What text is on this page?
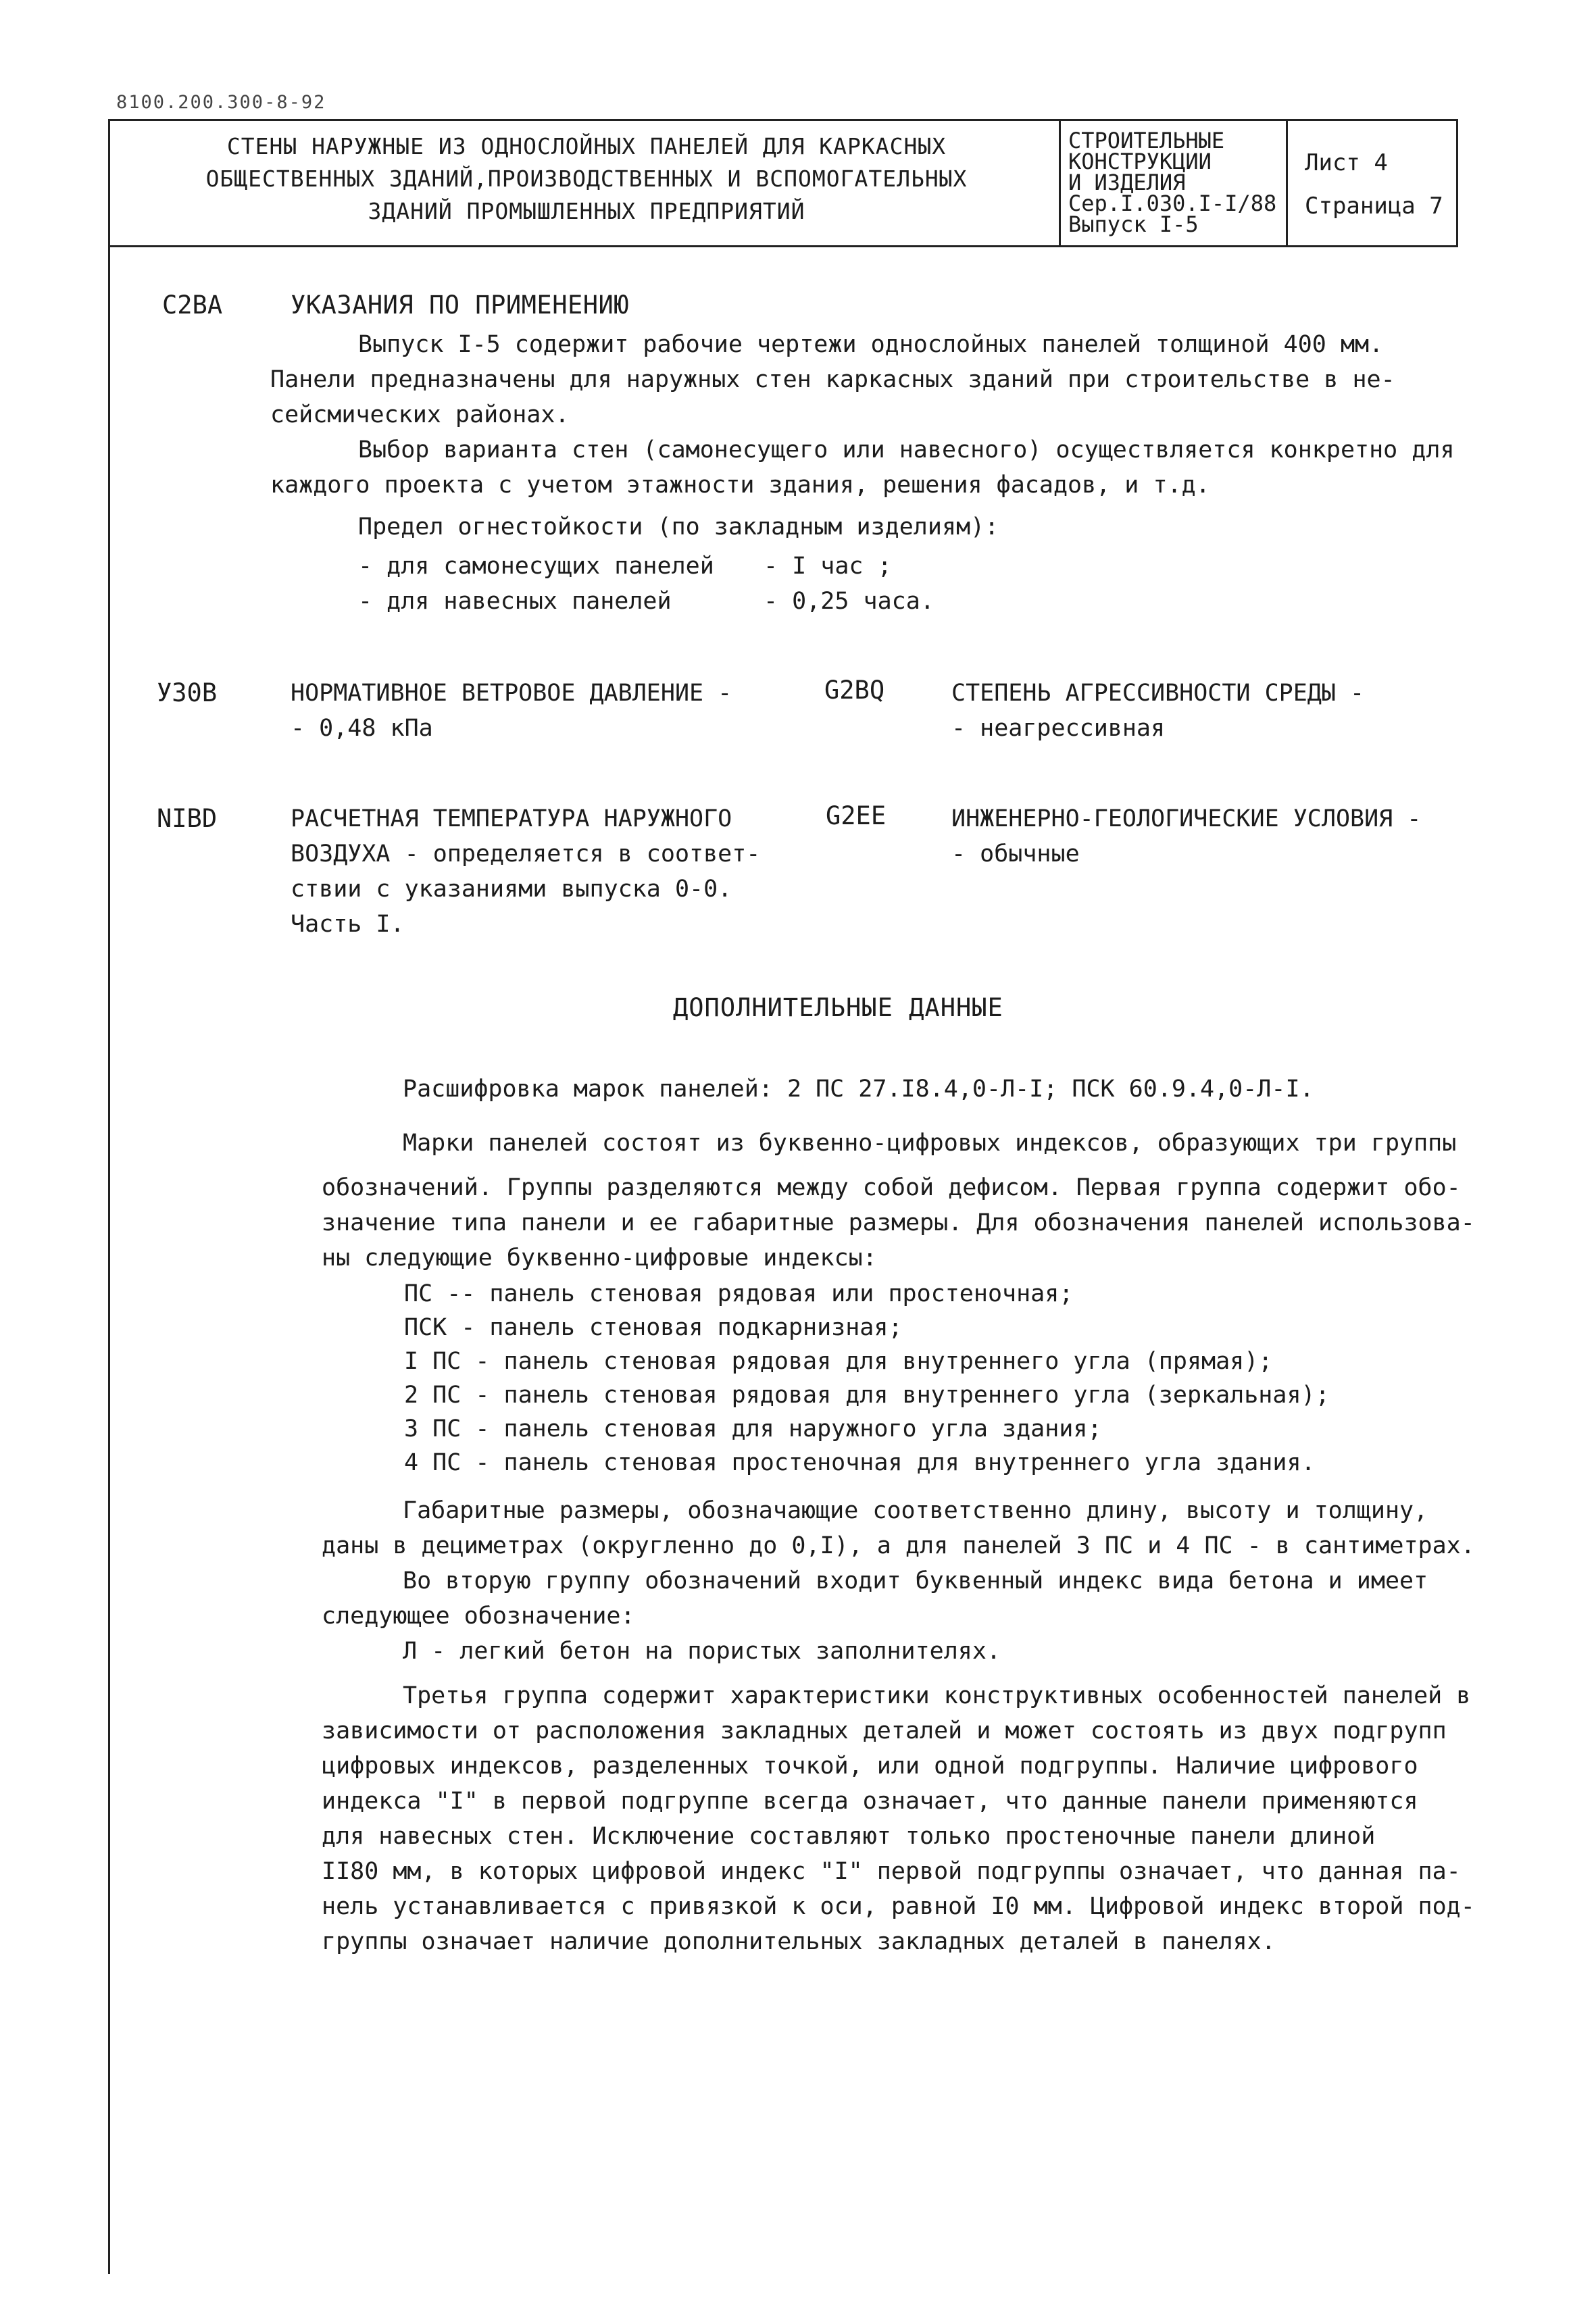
8100.200.300-8-92
СТЕНЫ НАРУЖНЫЕ ИЗ ОДНОСЛОЙНЫХ ПАНЕЛЕЙ ДЛЯ КАРКАСНЫХ
ОБЩЕСТВЕННЫХ ЗДАНИЙ,ПРОИЗВОДСТВЕННЫХ И ВСПОМОГАТЕЛЬНЫХ
ЗДАНИЙ ПРОМЫШЛЕННЫХ ПРЕДПРИЯТИЙ
СТРОИТЕЛЬНЫЕ
КОНСТРУКЦИИ
И ИЗДЕЛИЯ
Сер.I.030.I-I/88
Выпуск I-5
Лист 4
Страница 7
С2ВА	УКАЗАНИЯ ПО ПРИМЕНЕНИЮ
Выпуск I-5 содержит рабочие чертежи однослойных панелей толщиной 400 мм.
Панели предназначены для наружных стен каркасных зданий при строительстве в не-
сейсмических районах.
Выбор варианта стен (самонесущего или навесного) осуществляется конкретно для
каждого проекта с учетом этажности здания, решения фасадов, и т.д.
Предел огнестойкости (по закладным изделиям):
- для самонесущих панелей - I час ;
- для навесных панелей	- 0,25 часа.
У30В	НОРМАТИВНОЕ ВЕТРОВОЕ ДАВЛЕНИЕ -
- 0,48 кПа
G2BQ	СТЕПЕНЬ АГРЕССИВНОСТИ СРЕДЫ -
- неагрессивная
NIBD	РАСЧЕТНАЯ ТЕМПЕРАТУРА НАРУЖНОГО
ВОЗДУХА - определяется в соответ-
ствии с указаниями выпуска 0-0.
Часть I.
G2EE	ИНЖЕНЕРНО-ГЕОЛОГИЧЕСКИЕ УСЛОВИЯ -
- обычные
ДОПОЛНИТЕЛЬНЫЕ ДАННЫЕ
Расшифровка марок панелей: 2 ПС 27.I8.4,0-Л-I; ПСК 60.9.4,0-Л-I.
Марки панелей состоят из буквенно-цифровых индексов, образующих три группы
обозначений. Группы разделяются между собой дефисом. Первая группа содержит обо-
значение типа панели и ее габаритные размеры. Для обозначения панелей использова-
ны следующие буквенно-цифровые индексы:
ПС -- панель стеновая рядовая или простеночная;
ПСК - панель стеновая подкарнизная;
I ПС - панель стеновая рядовая для внутреннего угла (прямая);
2 ПС - панель стеновая рядовая для внутреннего угла (зеркальная);
3 ПС - панель стеновая для наружного угла здания;
4 ПС - панель стеновая простеночная для внутреннего угла здания.
Габаритные размеры, обозначающие соответственно длину, высоту и толщину,
даны в дециметрах (округленно до 0,I), а для панелей 3 ПС и 4 ПС - в сантиметрах.
Во вторую группу обозначений входит буквенный индекс вида бетона и имеет
следующее обозначение:
Л - легкий бетон на пористых заполнителях.
Третья группа содержит характеристики конструктивных особенностей панелей в
зависимости от расположения закладных деталей и может состоять из двух подгрупп
цифровых индексов, разделенных точкой, или одной подгруппы. Наличие цифрового
индекса "I" в первой подгруппе всегда означает, что данные панели применяются
для навесных стен. Исключение составляют только простеночные панели длиной
II80 мм, в которых цифровой индекс "I" первой подгруппы означает, что данная па-
нель устанавливается с привязкой к оси, равной I0 мм. Цифровой индекс второй под-
группы означает наличие дополнительных закладных деталей в панелях.
